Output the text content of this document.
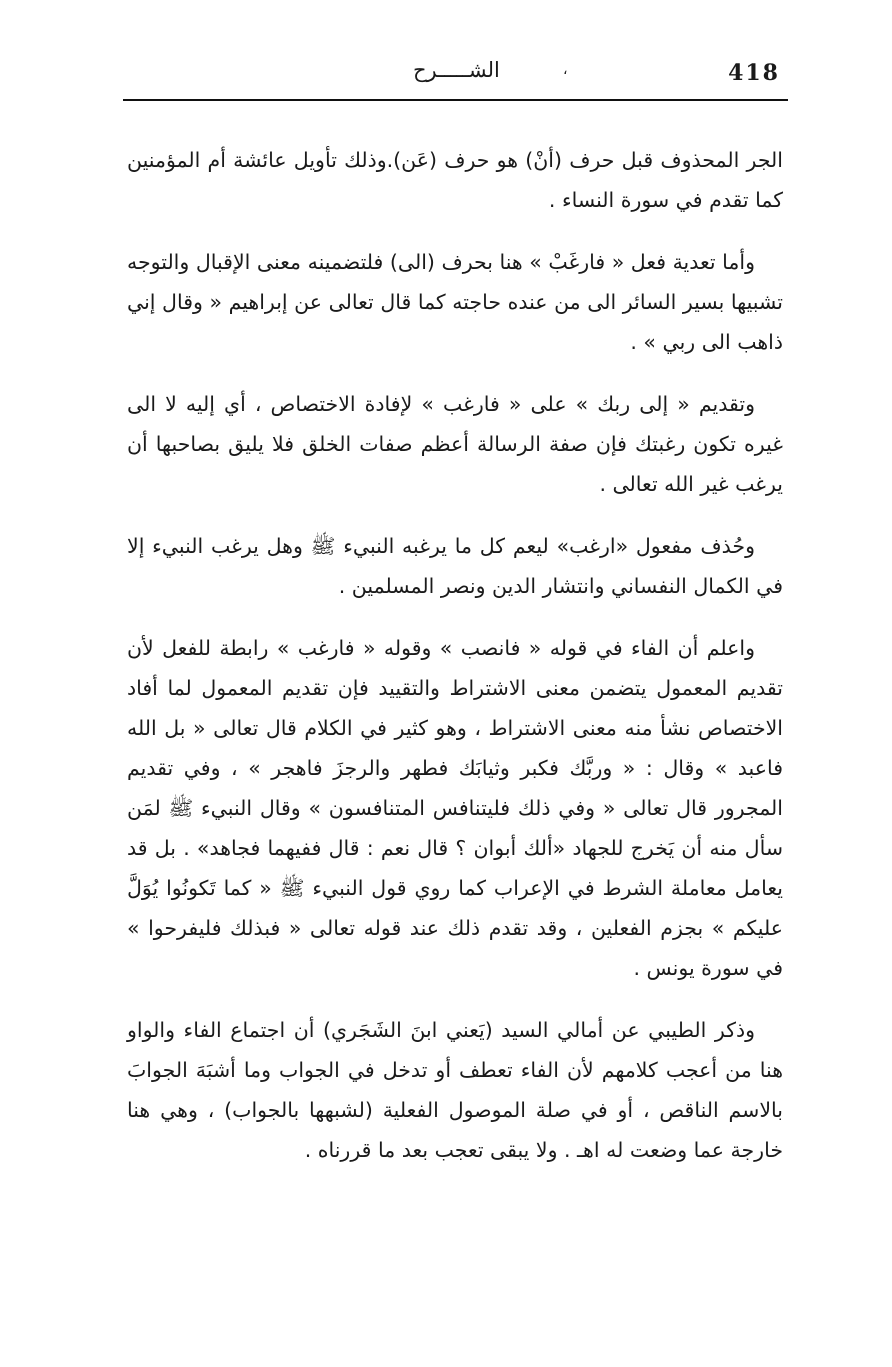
418
،
الشـــــرح

الجر المحذوف قبل حرف (أنْ) هو حرف (عَن).وذلك تأويل عائشة أم المؤمنين كما تقدم في سورة النساء .

وأما تعدية فعل « فارغَبْ » هنا بحرف (الى) فلتضمينه معنى الإقبال والتوجه تشبيها بسير السائر الى من عنده حاجته كما قال تعالى عن إبراهيم « وقال إني ذاهب الى ربي » .

وتقديم « إلى ربك » على « فارغب » لإفادة الاختصاص ، أي إليه لا الى غيره تكون رغبتك فإن صفة الرسالة أعظم صفات الخلق فلا يليق بصاحبها أن يرغب غير الله تعالى .

وحُذف مفعول «ارغب» ليعم كل ما يرغبه النبيء ﷺ وهل يرغب النبيء إلا في الكمال النفساني وانتشار الدين ونصر المسلمين .

واعلم أن الفاء في قوله « فانصب » وقوله « فارغب » رابطة للفعل لأن تقديم المعمول يتضمن معنى الاشتراط والتقييد فإن تقديم المعمول لما أفاد الاختصاص نشأ منه معنى الاشتراط ، وهو كثير في الكلام قال تعالى « بل الله فاعبد » وقال : « وربَّك فكبر وثيابَك فطهر والرجزَ فاهجر » ، وفي تقديم المجرور قال تعالى « وفي ذلك فليتنافس المتنافسون » وقال النبيء ﷺ لمَن سأل منه أن يَخرج للجهاد «ألك أبوان ؟ قال نعم : قال ففيهما فجاهد» . بل قد يعامل معاملة الشرط في الإعراب كما روي قول النبيء ﷺ « كما تَكونُوا يُوَلَّ عليكم » بجزم الفعلين ، وقد تقدم ذلك عند قوله تعالى « فبذلك فليفرحوا » في سورة يونس .

وذكر الطيبي عن أمالي السيد (يَعني ابنَ الشَجَري) أن اجتماع الفاء والواو هنا من أعجب كلامهم لأن الفاء تعطف أو تدخل في الجواب وما أشبَهَ الجوابَ بالاسم الناقص ، أو في صلة الموصول الفعلية (لشبهها بالجواب) ، وهي هنا خارجة عما وضعت له اهـ . ولا يبقى تعجب بعد ما قررناه .
